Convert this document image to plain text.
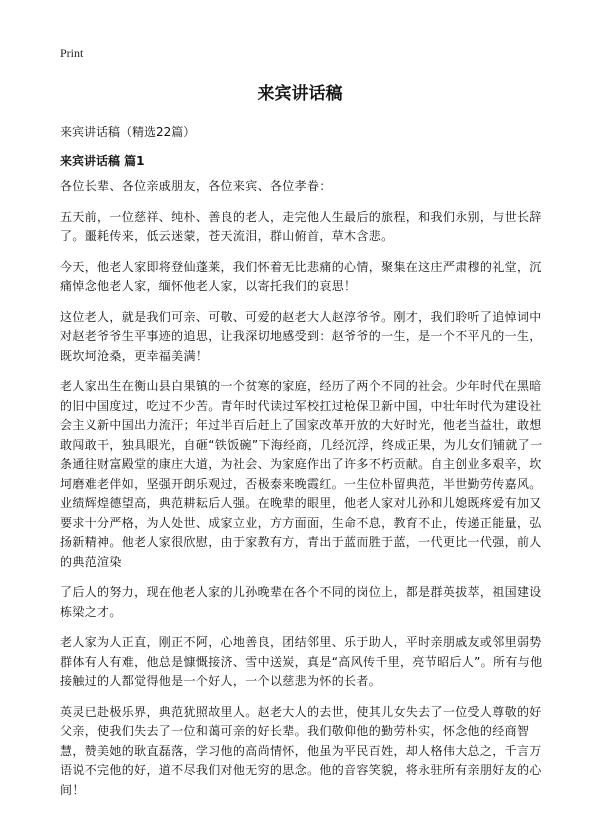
Print
来宾讲话稿

来宾讲话稿（精选22篇）

来宾讲话稿 篇1

各位长辈、各位亲戚朋友，各位来宾、各位孝眷：

五天前，一位慈祥、纯朴、善良的老人，走完他人生最后的旅程，和我们永别，与世长辞了。噩耗传来，低云迷蒙，苍天流泪，群山俯首，草木含悲。

今天，他老人家即将登仙蓬莱，我们怀着无比悲痛的心情，聚集在这庄严肃穆的礼堂，沉痛悼念他老人家，缅怀他老人家，以寄托我们的哀思！

这位老人，就是我们可亲、可敬、可爱的赵老大人赵淳爷爷。刚才，我们聆听了追悼词中对赵老爷爷生平事迹的追思，让我深切地感受到：赵爷爷的一生，是一个不平凡的一生，既坎坷沧桑，更幸福美满！

老人家出生在衡山县白果镇的一个贫寒的家庭，经历了两个不同的社会。少年时代在黑暗的旧中国度过，吃过不少苦。青年时代读过军校扛过枪保卫新中国，中壮年时代为建设社会主义新中国出力流汗；年过半百后赶上了国家改革开放的大好时光，他老当益壮，敢想敢闯敢干，独具眼光，自砸“铁饭碗”下海经商，几经沉浮，终成正果，为儿女们铺就了一条通往财富殿堂的康庄大道，为社会、为家庭作出了许多不朽贡献。自主创业多艰辛，坎坷磨难老伴如，坚强开朗乐观过，否极泰来晚霞红。一生位朴留典范，半世勤劳传嘉风。业绩辉煌德望高，典范耕耘后人强。在晚辈的眼里，他老人家对儿孙和儿媳既疼爱有加又要求十分严格，为人处世、成家立业，方方面面，生命不息，教育不止，传递正能量，弘扬新精神。他老人家很欣慰，由于家教有方，青出于蓝而胜于蓝，一代更比一代强，前人的典范渲染

了后人的努力，现在他老人家的儿孙晚辈在各个不同的岗位上，都是群英拔萃，祖国建设栋梁之才。

老人家为人正直，刚正不阿，心地善良，团结邻里、乐于助人，平时亲朋戚友或邻里弱势群体有人有难，他总是慷慨接济、雪中送炭，真是“高风传千里，亮节昭后人”。所有与他接触过的人都觉得他是一个好人，一个以慈悲为怀的长者。

英灵已赴极乐界，典范犹照故里人。赵老大人的去世，使其儿女失去了一位受人尊敬的好父亲，使我们失去了一位和蔼可亲的好长辈。我们敬仰他的勤劳朴实，怀念他的经商智慧，赞美她的耿直磊落，学习他的高尚情怀，他虽为平民百姓，却人格伟大总之，千言万语说不完他的好，道不尽我们对他无穷的思念。他的音容笑貌，将永驻所有亲朋好友的心间！
